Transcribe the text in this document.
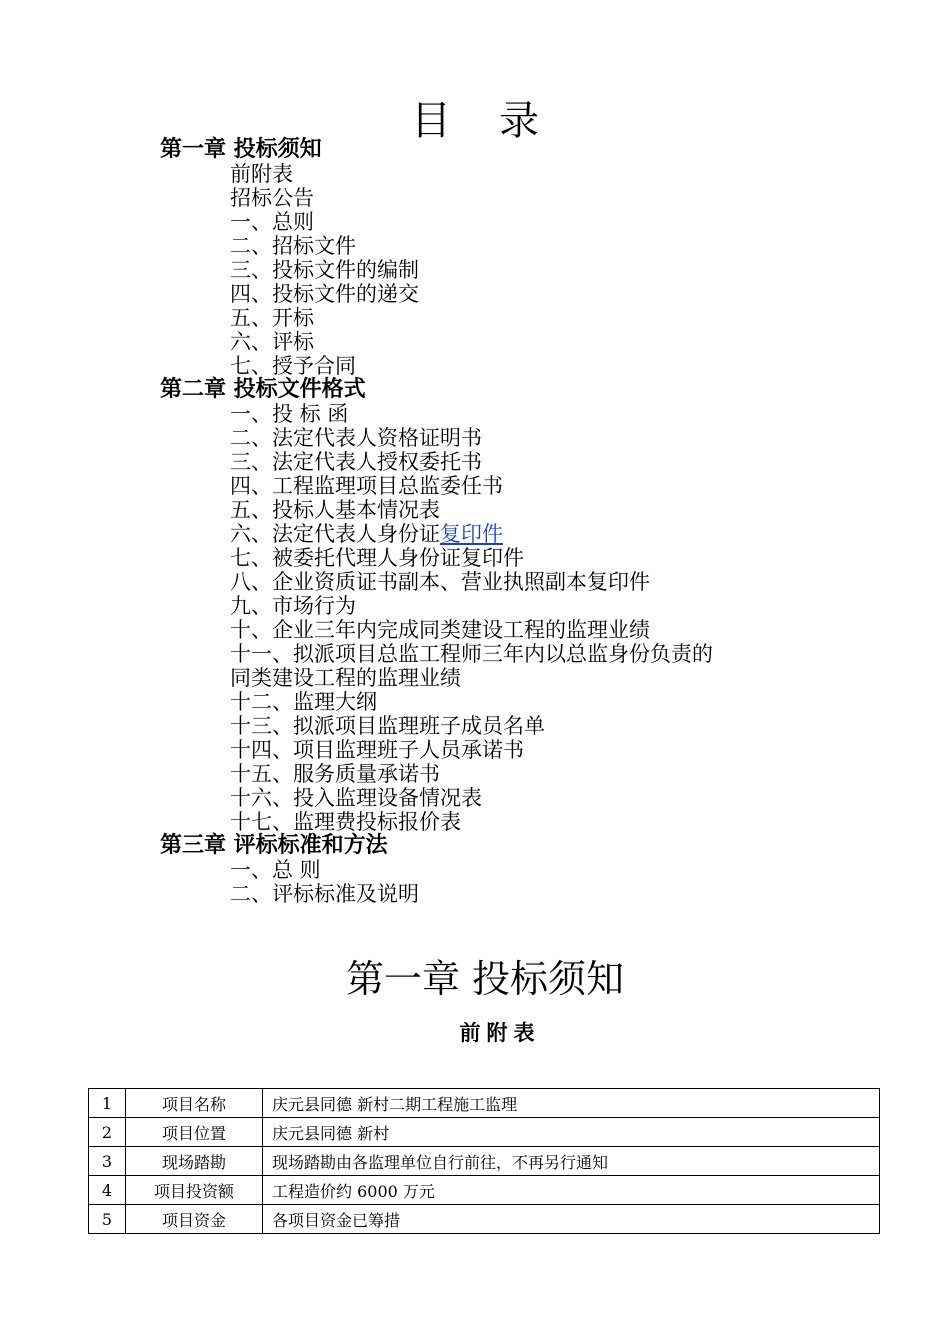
目录
第一章 投标须知
前附表
招标公告
一、总则
二、招标文件
三、投标文件的编制
四、投标文件的递交
五、开标
六、评标
七、授予合同
第二章 投标文件格式
一、投 标 函
二、法定代表人资格证明书
三、法定代表人授权委托书
四、工程监理项目总监委任书
五、投标人基本情况表
六、法定代表人身份证复印件
七、被委托代理人身份证复印件
八、企业资质证书副本、营业执照副本复印件
九、市场行为
十、企业三年内完成同类建设工程的监理业绩
十一、拟派项目总监工程师三年内以总监身份负责的
同类建设工程的监理业绩
十二、监理大纲
十三、拟派项目监理班子成员名单
十四、项目监理班子人员承诺书
十五、服务质量承诺书
十六、投入监理设备情况表
十七、监理费投标报价表
第三章 评标标准和方法
一、总 则
二、评标标准及说明
第一章 投标须知
前附表
1	项目名称	庆元县同德 新村二期工程施工监理
2	项目位置	庆元县同德 新村
3	现场踏勘	现场踏勘由各监理单位自行前往，不再另行通知
4	项目投资额	工程造价约 6000 万元
5	项目资金	各项目资金已筹措
